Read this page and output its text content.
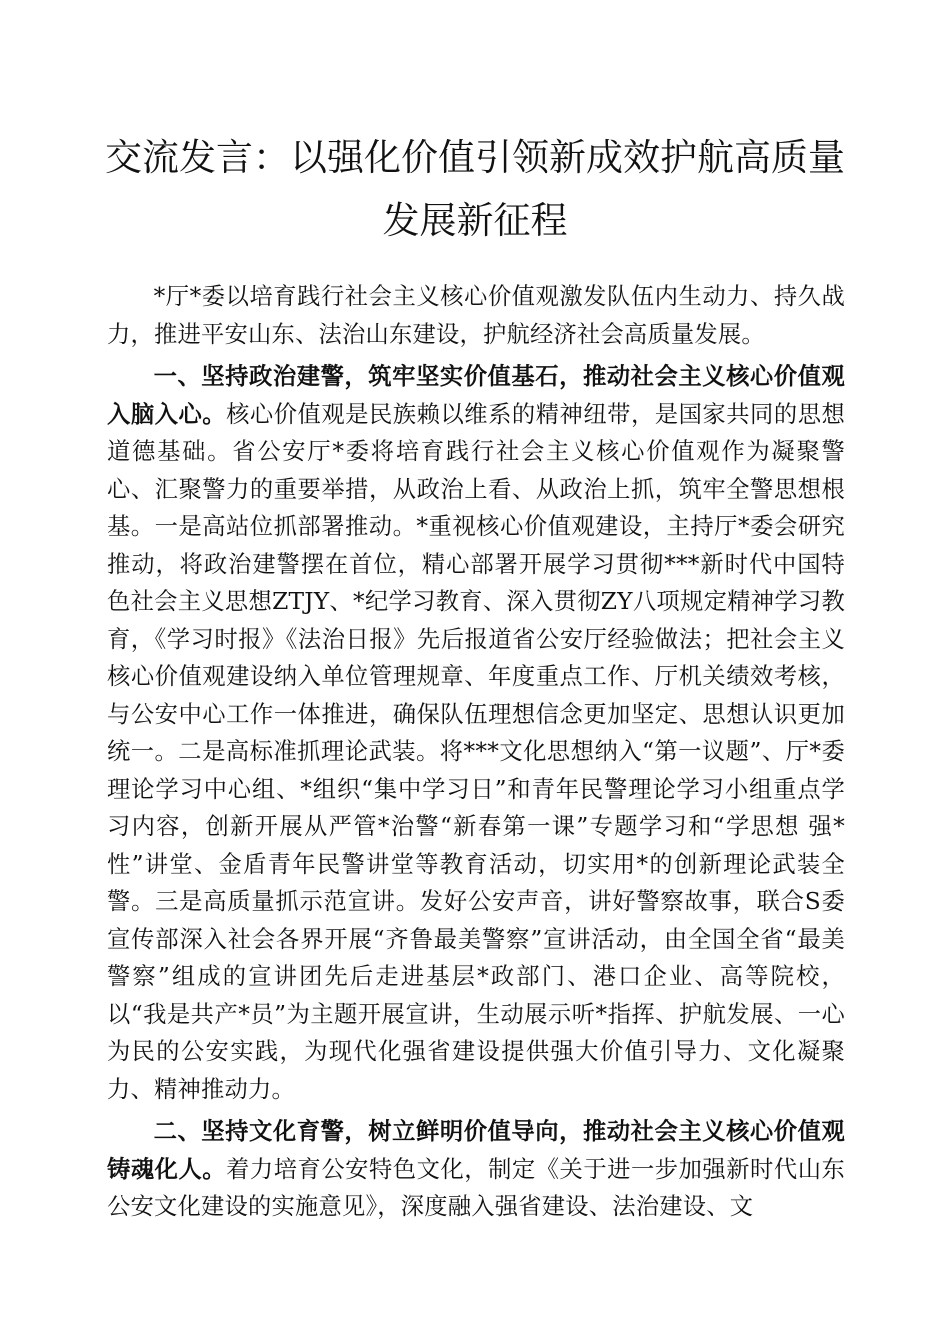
交流发言：以强化价值引领新成效护航高质量发展新征程

*厅*委以培育践行社会主义核心价值观激发队伍内生动力、持久战力，推进平安山东、法治山东建设，护航经济社会高质量发展。

一、坚持政治建警，筑牢坚实价值基石，推动社会主义核心价值观入脑入心。核心价值观是民族赖以维系的精神纽带，是国家共同的思想道德基础。省公安厅*委将培育践行社会主义核心价值观作为凝聚警心、汇聚警力的重要举措，从政治上看、从政治上抓，筑牢全警思想根基。一是高站位抓部署推动。*重视核心价值观建设，主持厅*委会研究推动，将政治建警摆在首位，精心部署开展学习贯彻***新时代中国特色社会主义思想ZTJY、*纪学习教育、深入贯彻ZY八项规定精神学习教育，《学习时报》《法治日报》先后报道省公安厅经验做法；把社会主义核心价值观建设纳入单位管理规章、年度重点工作、厅机关绩效考核，与公安中心工作一体推进，确保队伍理想信念更加坚定、思想认识更加统一。二是高标准抓理论武装。将***文化思想纳入“第一议题”、厅*委理论学习中心组、*组织“集中学习日”和青年民警理论学习小组重点学习内容，创新开展从严管*治警“新春第一课”专题学习和“学思想 强*性”讲堂、金盾青年民警讲堂等教育活动，切实用*的创新理论武装全警。三是高质量抓示范宣讲。发好公安声音，讲好警察故事，联合S委宣传部深入社会各界开展“齐鲁最美警察”宣讲活动，由全国全省“最美警察”组成的宣讲团先后走进基层*政部门、港口企业、高等院校，以“我是共产*员”为主题开展宣讲，生动展示听*指挥、护航发展、一心为民的公安实践，为现代化强省建设提供强大价值引导力、文化凝聚力、精神推动力。

二、坚持文化育警，树立鲜明价值导向，推动社会主义核心价值观铸魂化人。着力培育公安特色文化，制定《关于进一步加强新时代山东公安文化建设的实施意见》，深度融入强省建设、法治建设、文
